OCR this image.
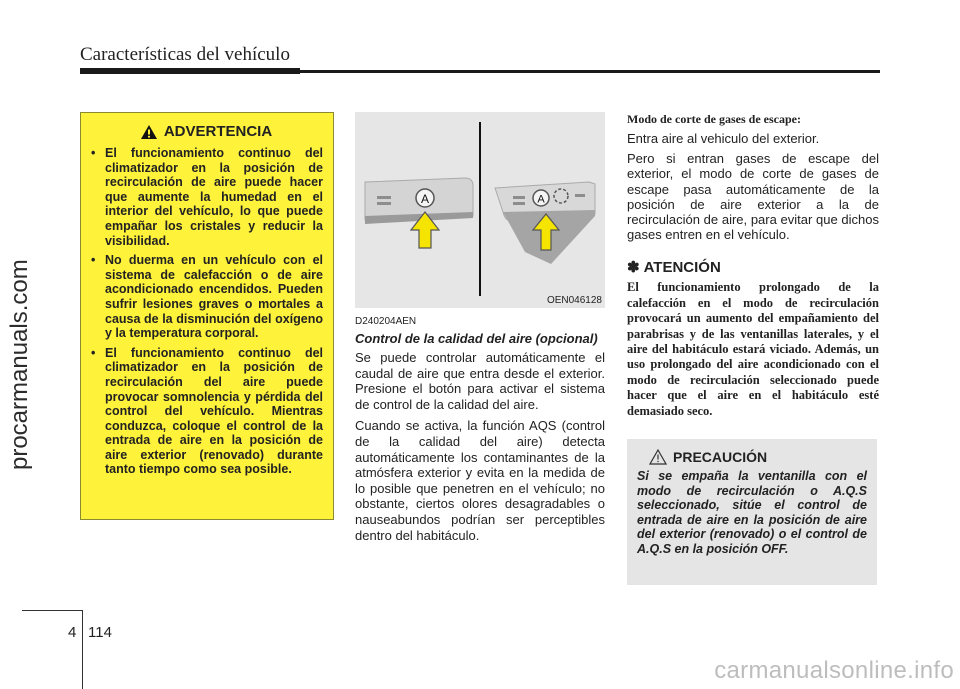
Características del vehículo
procarmanuals.com
ADVERTENCIA
• El funcionamiento continuo del climatizador en la posición de recirculación de aire puede hacer que aumente la humedad en el interior del vehículo, lo que puede empañar los cristales y reducir la visibilidad.
• No duerma en un vehículo con el sistema de calefacción o de aire acondicionado encendidos. Pueden sufrir lesiones graves o mortales a causa de la disminución del oxígeno y la temperatura corporal.
• El funcionamiento continuo del climatizador en la posición de recirculación del aire puede provocar somnolencia y pérdida del control del vehículo. Mientras conduzca, coloque el control de la entrada de aire en la posición de aire exterior (renovado) durante tanto tiempo como sea posible.
A	A
OEN046128
D240204AEN
Control de la calidad del aire (opcional)

Se puede controlar automáticamente el caudal de aire que entra desde el exterior. Presione el botón para activar el sistema de control de la calidad del aire.

Cuando se activa, la función AQS (control de la calidad del aire) detecta automáticamente los contaminantes de la atmósfera exterior y evita en la medida de lo posible que penetren en el vehículo; no obstante, ciertos olores desagradables o nauseabundos podrían ser perceptibles dentro del habitáculo.

Modo de corte de gases de escape:

Entra aire al vehiculo del exterior.

Pero si entran gases de escape del exterior, el modo de corte de gases de escape pasa automáticamente de la posición de aire exterior a la de recirculación de aire, para evitar que dichos gases entren en el vehículo.

✽ ATENCIÓN
El funcionamiento prolongado de la calefacción en el modo de recirculación provocará un aumento del empañamiento del parabrisas y de las ventanillas laterales, y el aire del habitáculo estará viciado. Además, un uso prolongado del aire acondicionado con el modo de recirculación seleccionado puede hacer que el aire en el habitáculo esté demasiado seco.
PRECAUCIÓN
Si se empaña la ventanilla con el modo de recirculación o A.Q.S seleccionado, sitúe el control de entrada de aire en la posición de aire del exterior (renovado) o el control de A.Q.S en la posición OFF.
4 114
carmanualsonline.info
